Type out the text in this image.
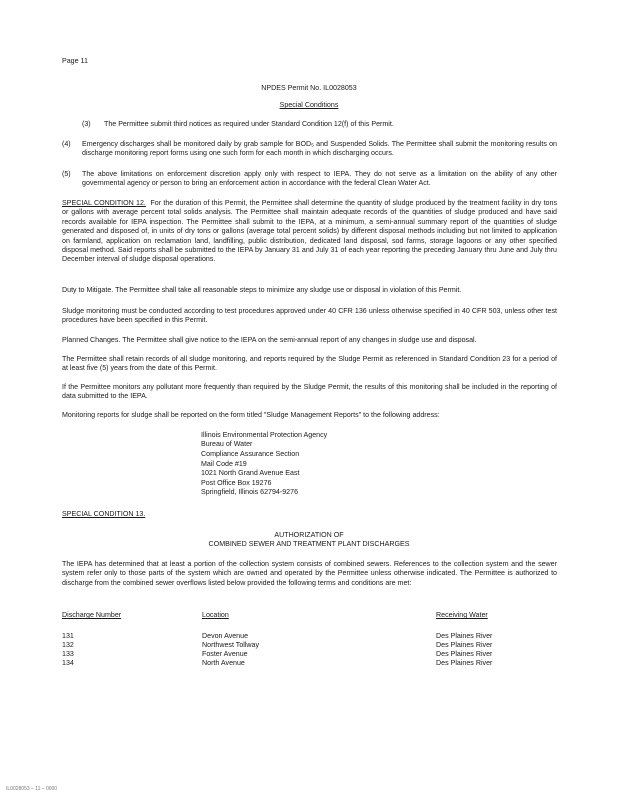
Page 11
NPDES Permit No. IL0028053
Special Conditions
(3) The Permittee submit third notices as required under Standard Condition 12(f) of this Permit.
(4) Emergency discharges shall be monitored daily by grab sample for BOD₅ and Suspended Solids. The Permittee shall submit the monitoring results on discharge monitoring report forms using one such form for each month in which discharging occurs.
(5) The above limitations on enforcement discretion apply only with respect to IEPA. They do not serve as a limitation on the ability of any other governmental agency or person to bring an enforcement action in accordance with the federal Clean Water Act.
SPECIAL CONDITION 12. For the duration of this Permit, the Permittee shall determine the quantity of sludge produced by the treatment facility in dry tons or gallons with average percent total solids analysis. The Permittee shall maintain adequate records of the quantities of sludge produced and have said records available for IEPA inspection. The Permittee shall submit to the IEPA, at a minimum, a semi-annual summary report of the quantities of sludge generated and disposed of, in units of dry tons or gallons (average total percent solids) by different disposal methods including but not limited to application on farmland, application on reclamation land, landfilling, public distribution, dedicated land disposal, sod farms, storage lagoons or any other specified disposal method. Said reports shall be submitted to the IEPA by January 31 and July 31 of each year reporting the preceding January thru June and July thru December interval of sludge disposal operations.
Duty to Mitigate. The Permittee shall take all reasonable steps to minimize any sludge use or disposal in violation of this Permit.
Sludge monitoring must be conducted according to test procedures approved under 40 CFR 136 unless otherwise specified in 40 CFR 503, unless other test procedures have been specified in this Permit.
Planned Changes. The Permittee shall give notice to the IEPA on the semi-annual report of any changes in sludge use and disposal.
The Permittee shall retain records of all sludge monitoring, and reports required by the Sludge Permit as referenced in Standard Condition 23 for a period of at least five (5) years from the date of this Permit.
If the Permittee monitors any pollutant more frequently than required by the Sludge Permit, the results of this monitoring shall be included in the reporting of data submitted to the IEPA.
Monitoring reports for sludge shall be reported on the form titled "Sludge Management Reports" to the following address:
Illinois Environmental Protection Agency
Bureau of Water
Compliance Assurance Section
Mail Code #19
1021 North Grand Avenue East
Post Office Box 19276
Springfield, Illinois 62794-9276
SPECIAL CONDITION 13.
AUTHORIZATION OF
COMBINED SEWER AND TREATMENT PLANT DISCHARGES
The IEPA has determined that at least a portion of the collection system consists of combined sewers. References to the collection system and the sewer system refer only to those parts of the system which are owned and operated by the Permittee unless otherwise indicated. The Permittee is authorized to discharge from the combined sewer overflows listed below provided the following terms and conditions are met:
Discharge Number	Location	Receiving Water
131	Devon Avenue	Des Plaines River
132	Northwest Tollway	Des Plaines River
133	Foster Avenue	Des Plaines River
134	North Avenue	Des Plaines River
IL0028053 – 11 – 0000
